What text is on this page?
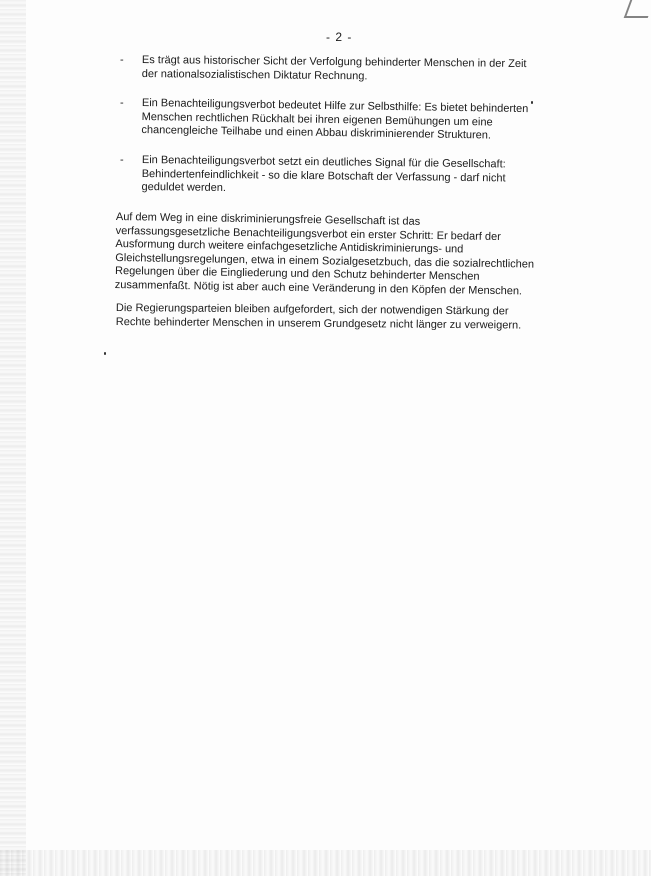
- 2 -
- Es trägt aus historischer Sicht der Verfolgung behinderter Menschen in der Zeit
der nationalsozialistischen Diktatur Rechnung.
- Ein Benachteiligungsverbot bedeutet Hilfe zur Selbsthilfe: Es bietet behinderten
Menschen rechtlichen Rückhalt bei ihren eigenen Bemühungen um eine
chancengleiche Teilhabe und einen Abbau diskriminierender Strukturen.
- Ein Benachteiligungsverbot setzt ein deutliches Signal für die Gesellschaft:
Behindertenfeindlichkeit - so die klare Botschaft der Verfassung - darf nicht
geduldet werden.

Auf dem Weg in eine diskriminierungsfreie Gesellschaft ist das
verfassungsgesetzliche Benachteiligungsverbot ein erster Schritt: Er bedarf der
Ausformung durch weitere einfachgesetzliche Antidiskriminierungs- und
Gleichstellungsregelungen, etwa in einem Sozialgesetzbuch, das die sozialrechtlichen
Regelungen über die Eingliederung und den Schutz behinderter Menschen
zusammenfaßt. Nötig ist aber auch eine Veränderung in den Köpfen der Menschen.

Die Regierungsparteien bleiben aufgefordert, sich der notwendigen Stärkung der
Rechte behinderter Menschen in unserem Grundgesetz nicht länger zu verweigern.
